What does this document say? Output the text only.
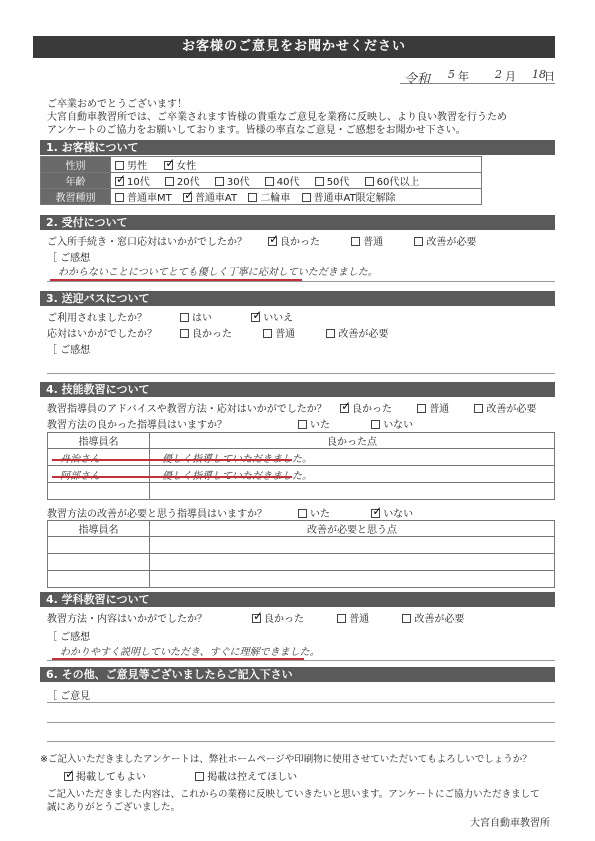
お客様のご意見をお聞かせください
令和 5 年 2 月 18
日
ご卒業おめでとうございます！
大宮自動車教習所では、ご卒業されます皆様の貴重なご意見を業務に反映し、より良い教習を行うため
アンケートのご協力をお願いしております。皆様の率直なご意見・ご感想をお聞かせ下さい。
1. お客様について
性別	男性 ✓ 女性
年齢	✓10代 20代 30代 40代 50代 60代以上
教習種別	普通車MT ✓ 普通車AT 二輪車 普通車AT限定解除
2. 受付について
ご入所手続き・窓口応対はいかがでしたか？ ✓	良かった	普通	改善が必要
［ ご感想
わからないことについてとても優しく丁寧に応対していただきました。
3. 送迎バスについて
ご利用されましたか？	はい ✓	いいえ
応対はいかがでしたか？	良かった	普通	改善が必要
［ ご感想
4. 技能教習について
教習指導員のアドバイスや教習方法・応対はいかがでしたか？ ✓	良かった	普通	改善が必要
教習方法の良かった指導員はいますか？	いた	いない
指導員名	良かった点
舟治さん	優しく指導していただきました。
阿部さん	優しく指導していただきました。

教習方法の改善が必要と思う指導員はいますか？	いた ✓	いない
指導員名	改善が必要と思う点

4. 学科教習について
教習方法・内容はいかがでしたか？ ✓	良かった	普通	改善が必要
［ ご感想
わかりやすく説明していただき、すぐに理解できました。
6. その他、ご意見等ございましたらご記入下さい
［ ご意見
※ご記入いただきましたアンケートは、弊社ホームページや印刷物に使用させていただいてもよろしいでしょうか？
✓掲載してもよい	掲載は控えてほしい
ご記入いただきました内容は、これからの業務に反映していきたいと思います。アンケートにご協力いただきまして
誠にありがとうございました。
大宮自動車教習所
